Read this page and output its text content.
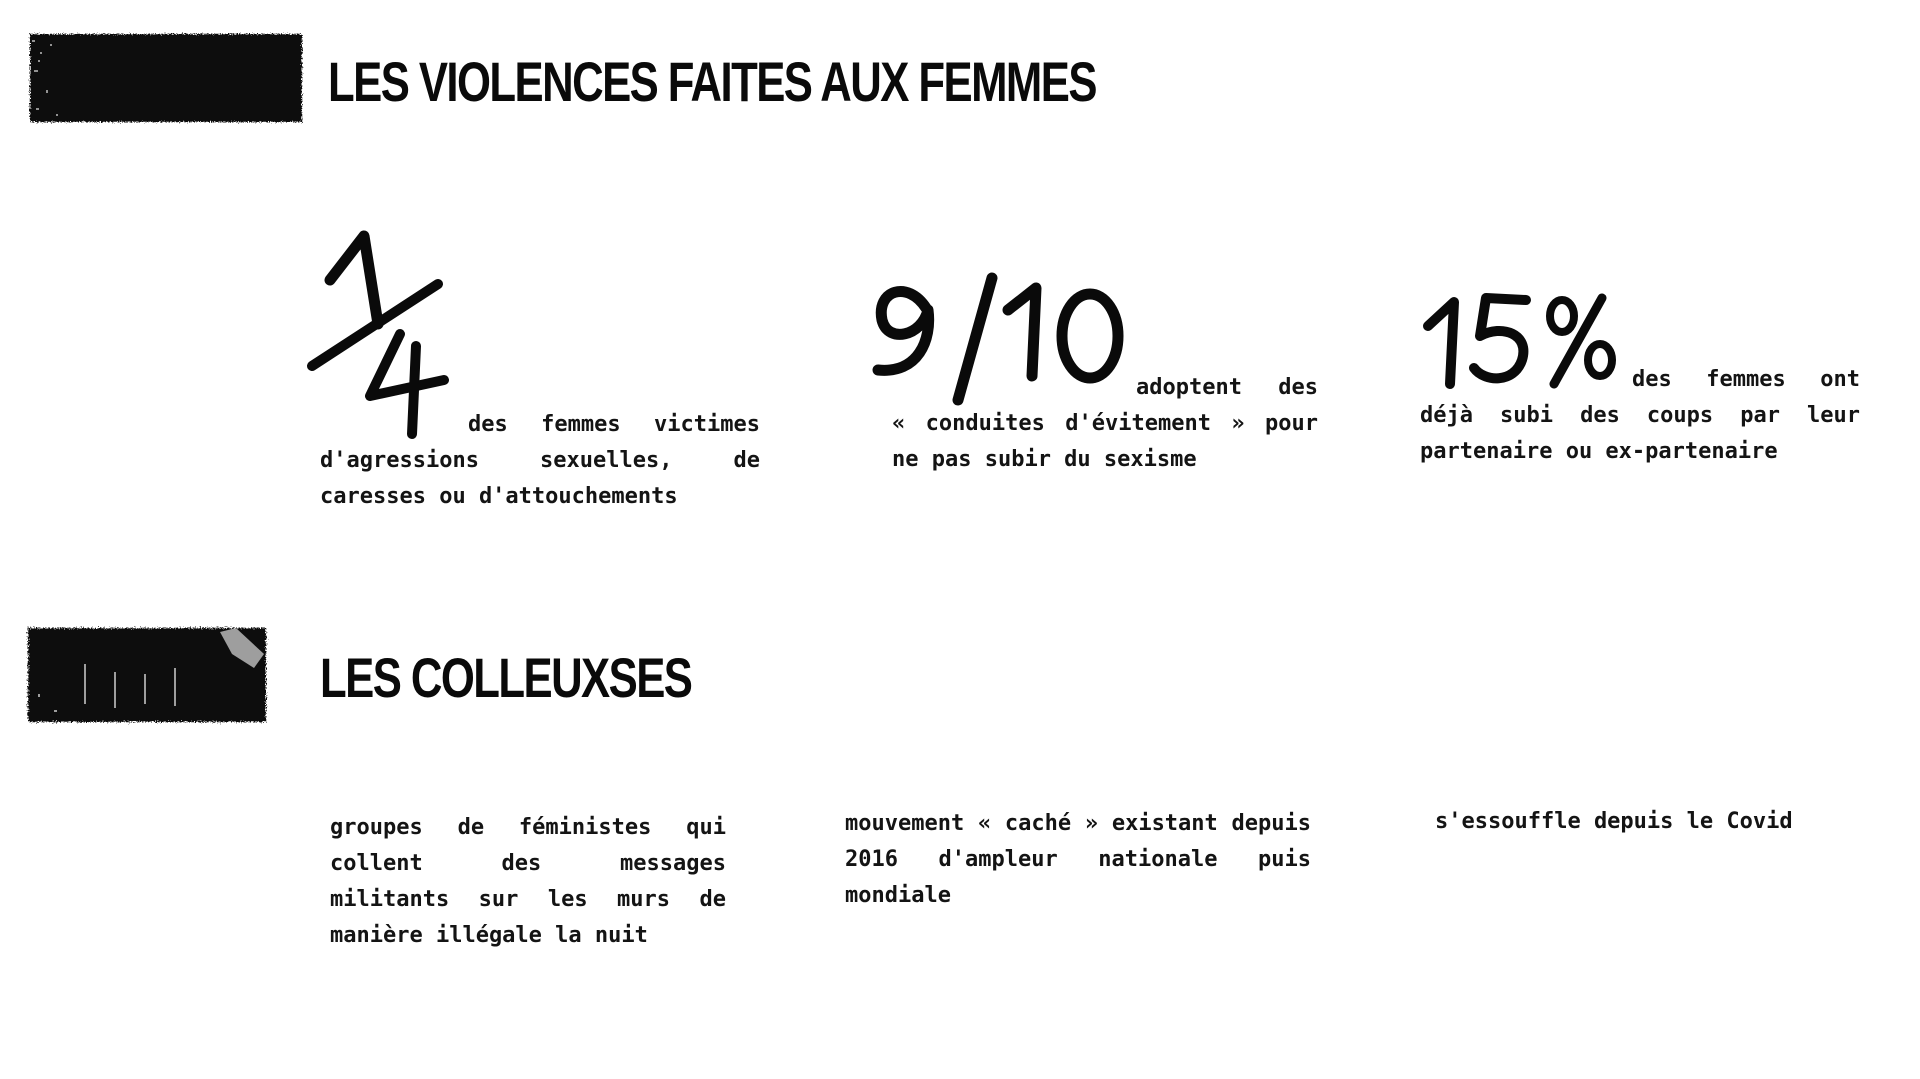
LES VIOLENCES FAITES AUX FEMMES
des femmes victimes d'agressions sexuelles, de caresses ou d'attouchements
adoptent des « conduites d'évitement » pour ne pas subir du sexisme
des femmes ont déjà subi des coups par leur partenaire ou ex-partenaire
LES COLLEUXSES
groupes de féministes qui collent des messages militants sur les murs de manière illégale la nuit
mouvement « caché » existant depuis 2016 d'ampleur nationale puis mondiale
s'essouffle depuis le Covid
